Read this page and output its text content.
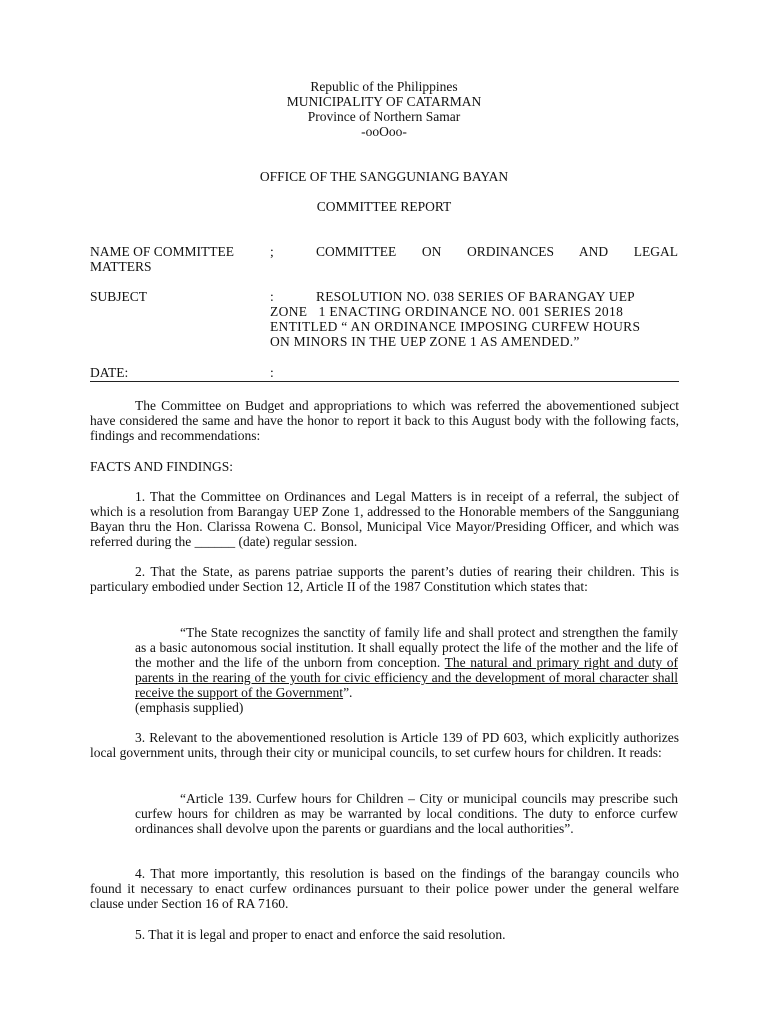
Republic of the Philippines
MUNICIPALITY OF CATARMAN
Province of Northern Samar
-ooOoo-
OFFICE OF THE SANGGUNIANG BAYAN
COMMITTEE REPORT
NAME OF COMMITTEE	;	COMMITTEE ON ORDINANCES AND LEGAL
MATTERS
SUBJECT	:	RESOLUTION NO. 038 SERIES OF BARANGAY UEP
ZONE   1 ENACTING ORDINANCE NO. 001 SERIES 2018
ENTITLED “ AN ORDINANCE IMPOSING CURFEW HOURS
ON MINORS IN THE UEP ZONE 1 AS AMENDED.”
DATE:	:
The Committee on Budget and appropriations to which was referred the abovementioned subject have considered the same and have the honor to report it back to this August body with the following facts, findings and recommendations:
FACTS AND FINDINGS:
1. That the Committee on Ordinances and Legal Matters is in receipt of a referral, the subject of which is a resolution from Barangay UEP Zone 1, addressed to the Honorable members of the Sangguniang Bayan thru the Hon. Clarissa Rowena C. Bonsol, Municipal Vice Mayor/Presiding Officer, and which was referred during the ______ (date) regular session.
2. That the State, as parens patriae supports the parent’s duties of rearing their children. This is particulary embodied under Section 12, Article II of the 1987 Constitution which states that:
“The State recognizes the sanctity of family life and shall protect and strengthen the family as a basic autonomous social institution. It shall equally protect the life of the mother and the life of the mother and the life of the unborn from conception. The natural and primary right and duty of parents in the rearing of the youth for civic efficiency and the development of moral character shall receive the support of the Government”.
(emphasis supplied)
3. Relevant to the abovementioned resolution is Article 139 of PD 603, which explicitly authorizes local government units, through their city or municipal councils, to set curfew hours for children. It reads:
“Article 139. Curfew hours for Children – City or municipal councils may prescribe such curfew hours for children as may be warranted by local conditions. The duty to enforce curfew ordinances shall devolve upon the parents or guardians and the local authorities”.
4. That more importantly, this resolution is based on the findings of the barangay councils who found it necessary to enact curfew ordinances pursuant to their police power under the general welfare clause under Section 16 of RA 7160.
5. That it is legal and proper to enact and enforce the said resolution.
